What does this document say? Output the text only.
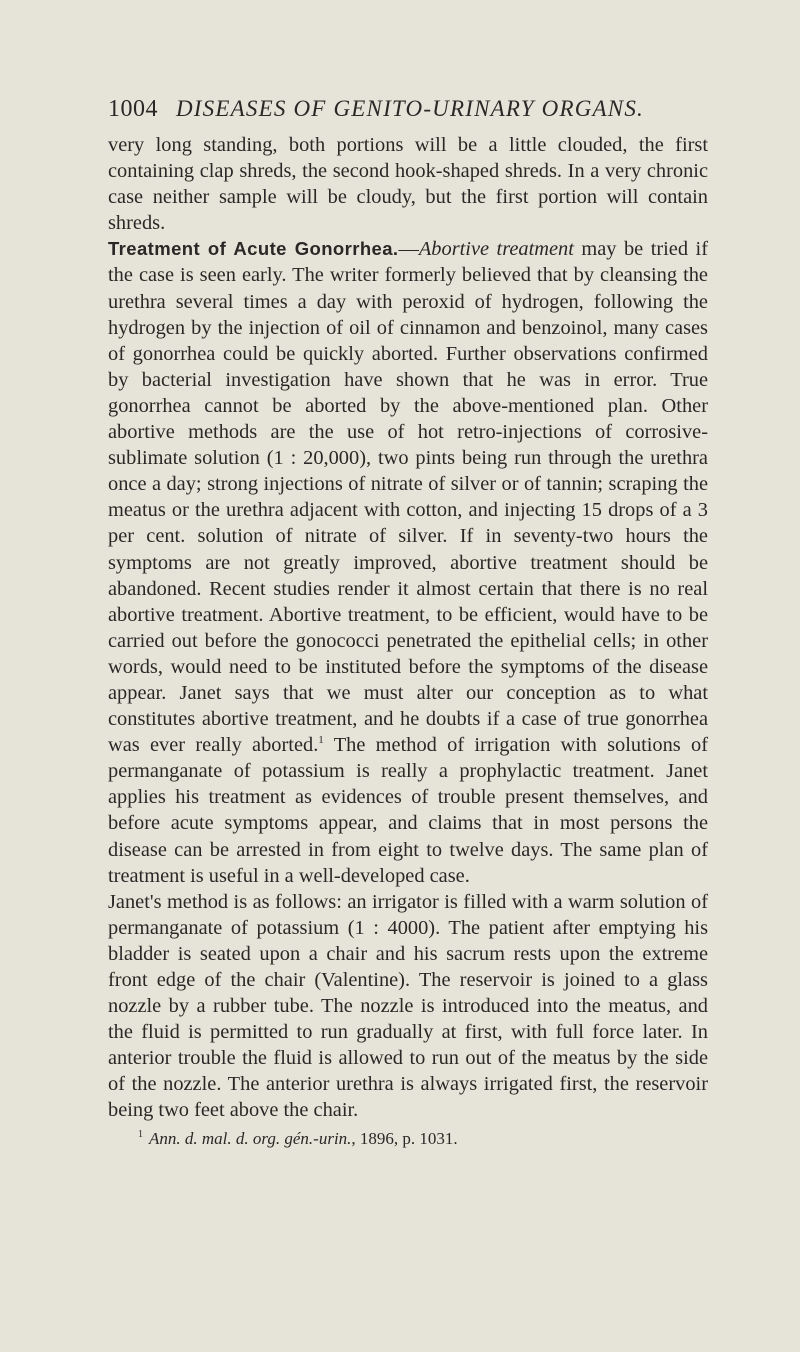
1004 DISEASES OF GENITO-URINARY ORGANS.

very long standing, both portions will be a little clouded, the first containing clap shreds, the second hook-shaped shreds. In a very chronic case neither sample will be cloudy, but the first portion will contain shreds.

Treatment of Acute Gonorrhea.—Abortive treatment may be tried if the case is seen early. The writer formerly believed that by cleansing the urethra several times a day with peroxid of hydrogen, following the hydrogen by the injection of oil of cinnamon and benzoinol, many cases of gonorrhea could be quickly aborted. Further observations confirmed by bacterial investigation have shown that he was in error. True gonorrhea cannot be aborted by the above-mentioned plan. Other abortive methods are the use of hot retro-injections of corrosive-sublimate solution (1 : 20,000), two pints being run through the urethra once a day; strong injections of nitrate of silver or of tannin; scraping the meatus or the urethra adjacent with cotton, and injecting 15 drops of a 3 per cent. solution of nitrate of silver. If in seventy-two hours the symptoms are not greatly improved, abortive treatment should be abandoned. Recent studies render it almost certain that there is no real abortive treatment. Abortive treatment, to be efficient, would have to be carried out before the gonococci penetrated the epithelial cells; in other words, would need to be instituted before the symptoms of the disease appear. Janet says that we must alter our conception as to what constitutes abortive treatment, and he doubts if a case of true gonorrhea was ever really aborted.$^1$ The method of irrigation with solutions of permanganate of potassium is really a prophylactic treatment. Janet applies his treatment as evidences of trouble present themselves, and before acute symptoms appear, and claims that in most persons the disease can be arrested in from eight to twelve days. The same plan of treatment is useful in a well-developed case.

Janet's method is as follows: an irrigator is filled with a warm solution of permanganate of potassium (1 : 4000). The patient after emptying his bladder is seated upon a chair and his sacrum rests upon the extreme front edge of the chair (Valentine). The reservoir is joined to a glass nozzle by a rubber tube. The nozzle is introduced into the meatus, and the fluid is permitted to run gradually at first, with full force later. In anterior trouble the fluid is allowed to run out of the meatus by the side of the nozzle. The anterior urethra is always irrigated first, the reservoir being two feet above the chair.

$^1$ Ann. d. mal. d. org. gén.-urin., 1896, p. 1031.
